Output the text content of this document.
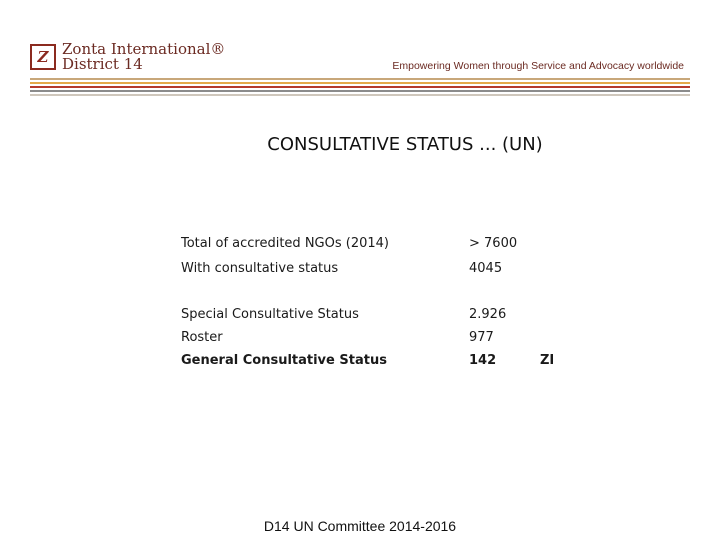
Z Zonta International®
District 14	Empowering Women through Service and Advocacy worldwide
CONSULTATIVE STATUS ... (UN)
Total of accredited NGOs (2014)	> 7600
With consultative status	4045
Special Consultative Status	2.926
Roster	977
General Consultative Status	142	ZI
D14 UN Committee 2014-2016
